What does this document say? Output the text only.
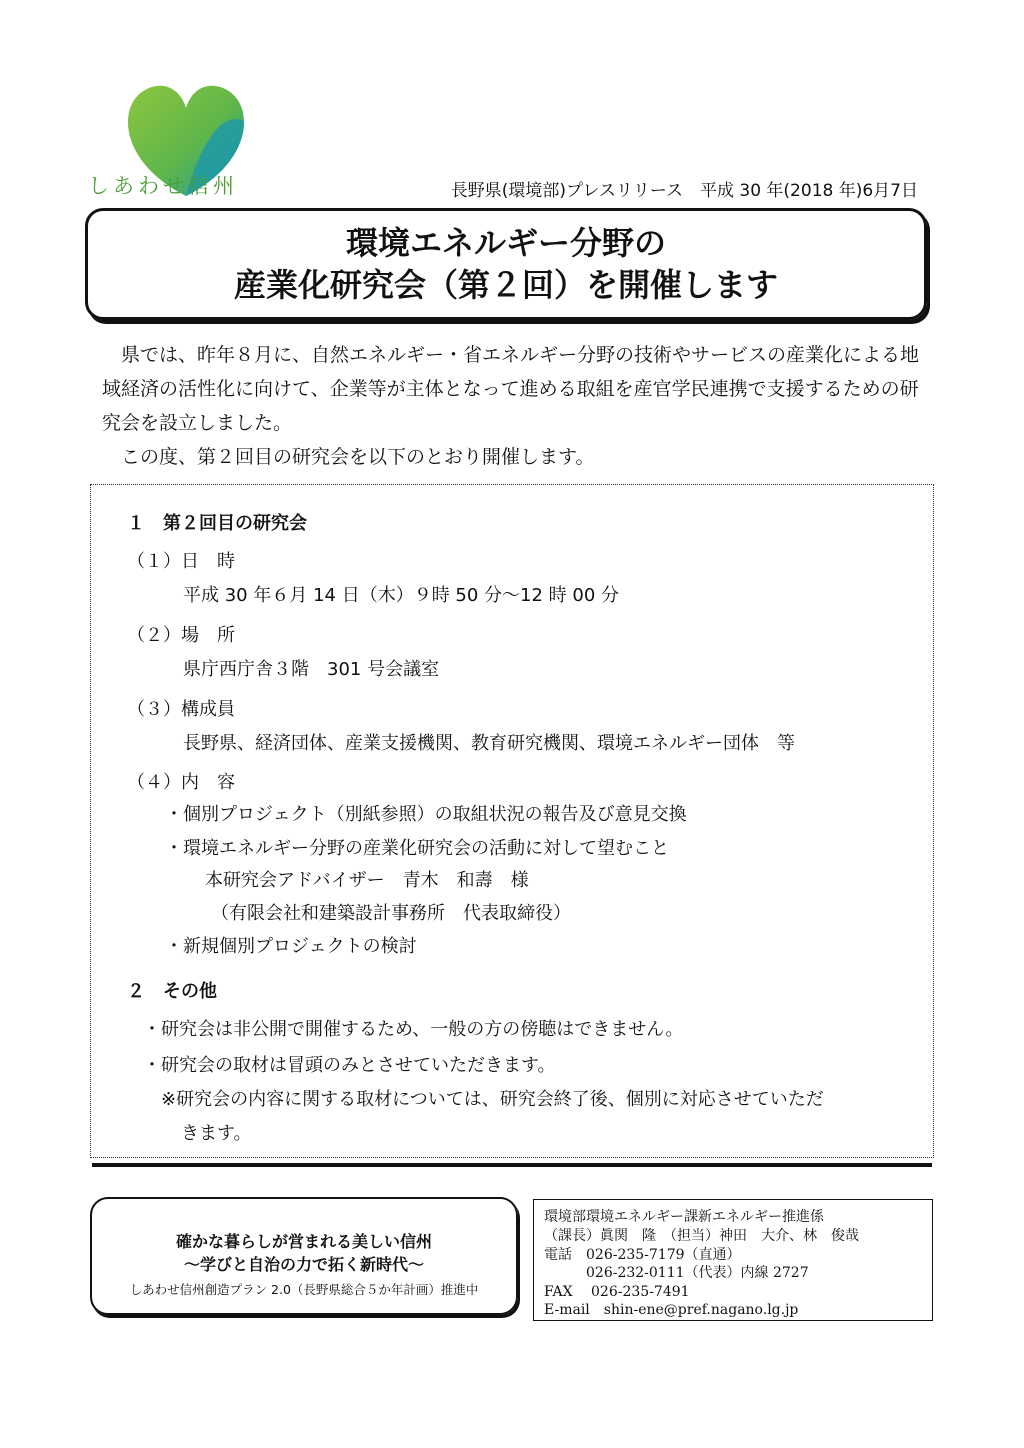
しあわせ信州	長野県(環境部)プレスリリース　平成 30 年(2018 年)6月7日
環境エネルギー分野の
産業化研究会（第２回）を開催します

県では、昨年８月に、自然エネルギー・省エネルギー分野の技術やサービスの産業化による地域経済の活性化に向けて、企業等が主体となって進める取組を産官学民連携で支援するための研究会を設立しました。

この度、第２回目の研究会を以下のとおり開催します。

１　第２回目の研究会
（１）日　時
平成 30 年６月 14 日（木）９時 50 分～12 時 00 分
（２）場　所
県庁西庁舎３階　301 号会議室
（３）構成員
長野県、経済団体、産業支援機関、教育研究機関、環境エネルギー団体　等
（４）内　容
・個別プロジェクト（別紙参照）の取組状況の報告及び意見交換
・環境エネルギー分野の産業化研究会の活動に対して望むこと
本研究会アドバイザー　青木　和壽　様
（有限会社和建築設計事務所　代表取締役）
・新規個別プロジェクトの検討
２　その他
・研究会は非公開で開催するため、一般の方の傍聴はできません。
・研究会の取材は冒頭のみとさせていただきます。
※研究会の内容に関する取材については、研究会終了後、個別に対応させていただ
きます。
確かな暮らしが営まれる美しい信州
～学びと自治の力で拓く新時代～
しあわせ信州創造プラン 2.0（長野県総合５か年計画）推進中
環境部環境エネルギー課新エネルギー推進係
（課長）眞関　隆　（担当）神田　大介、林　俊哉
電話　026-235-7179（直通）
　　　026-232-0111（代表）内線 2727
FAX　 026-235-7491
E-mail　shin-ene@pref.nagano.lg.jp
